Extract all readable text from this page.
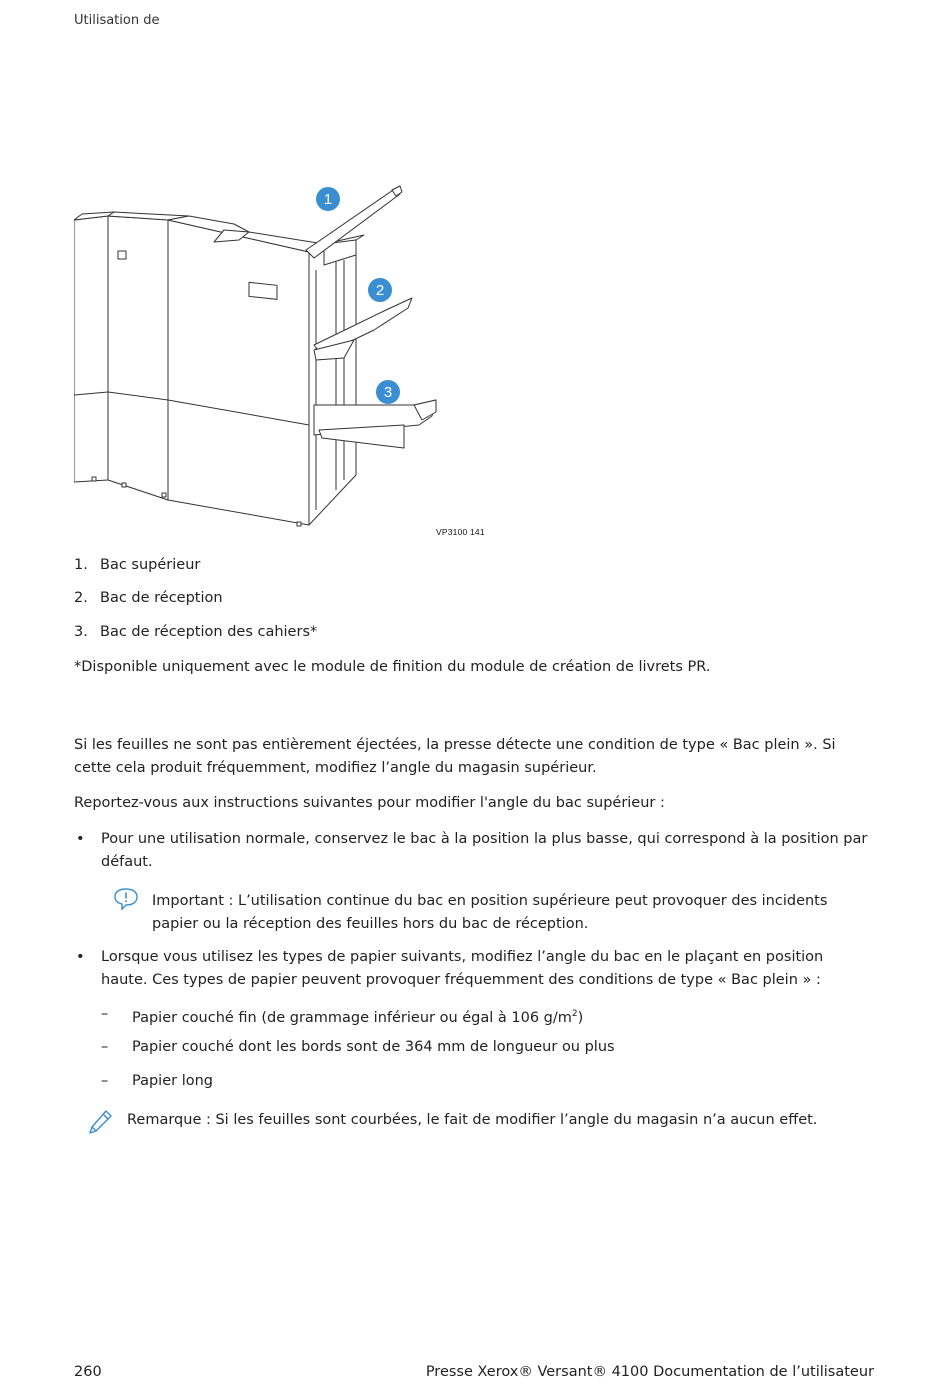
Utilisation de
1
2
3
VP3100 141
1. Bac supérieur
2. Bac de réception
3. Bac de réception des cahiers*
*Disponible uniquement avec le module de finition du module de création de livrets PR.
Si les feuilles ne sont pas entièrement éjectées, la presse détecte une condition de type « Bac plein ». Si cette cela produit fréquemment, modifiez l’angle du magasin supérieur.
Reportez-vous aux instructions suivantes pour modifier l'angle du bac supérieur :
• Pour une utilisation normale, conservez le bac à la position la plus basse, qui correspond à la position par défaut.
Important : L’utilisation continue du bac en position supérieure peut provoquer des incidents papier ou la réception des feuilles hors du bac de réception.
• Lorsque vous utilisez les types de papier suivants, modifiez l’angle du bac en le plaçant en position haute. Ces types de papier peuvent provoquer fréquemment des conditions de type « Bac plein » :
– Papier couché fin (de grammage inférieur ou égal à 106 $g/m^2$)
– Papier couché dont les bords sont de 364 mm de longueur ou plus
– Papier long
Remarque : Si les feuilles sont courbées, le fait de modifier l’angle du magasin n’a aucun effet.
260	Presse Xerox® Versant® 4100 Documentation de l’utilisateur
